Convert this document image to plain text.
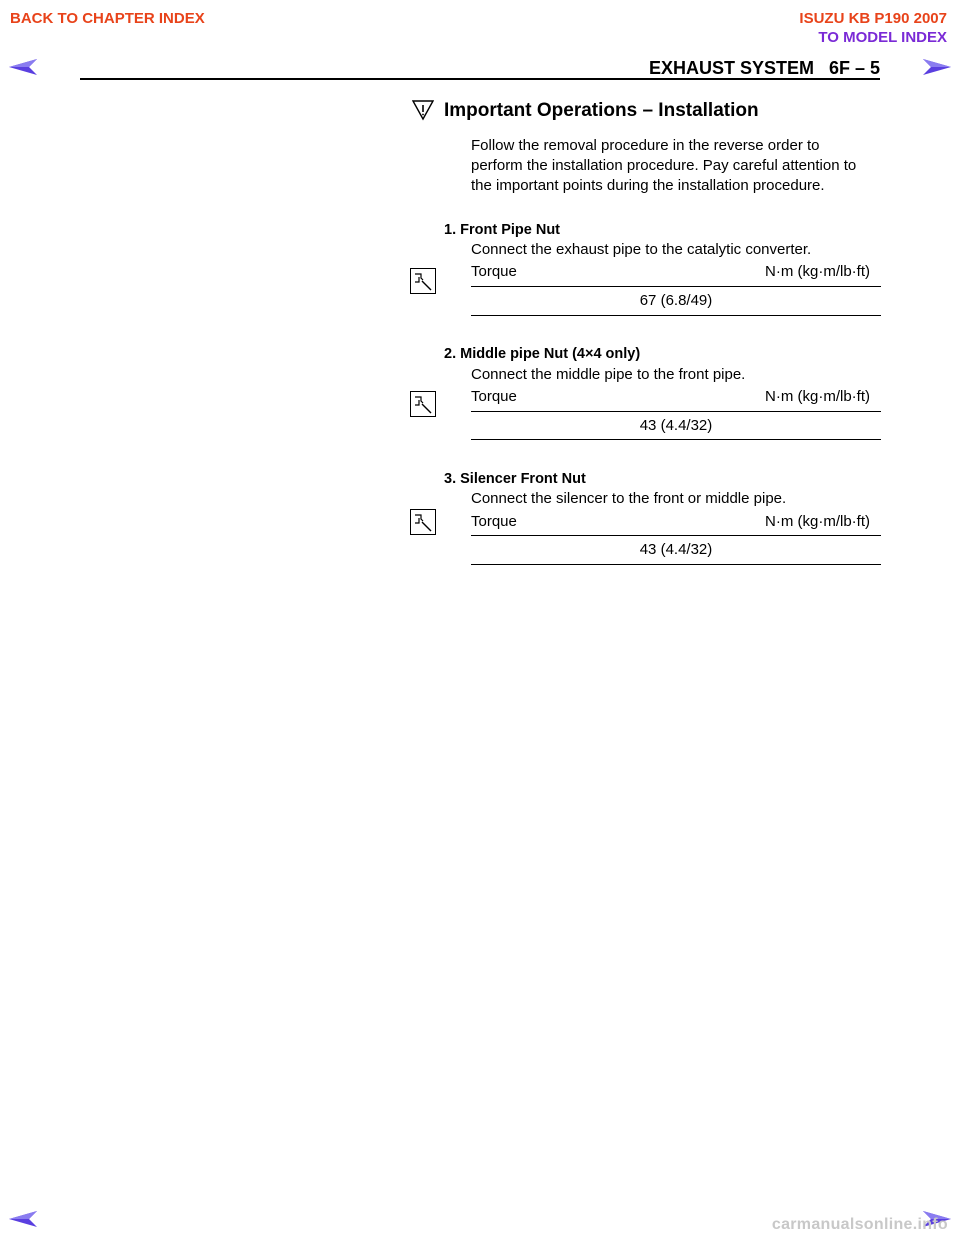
BACK TO CHAPTER INDEX	ISUZU KB P190 2007
TO MODEL INDEX
EXHAUST SYSTEM   6F – 5
Important Operations – Installation
Follow the removal procedure in the reverse order to
perform the installation procedure. Pay careful attention to
the important points during the installation procedure.
1. Front Pipe Nut
Connect the exhaust pipe to the catalytic converter.
Torque	N·m (kg·m/lb·ft)
67 (6.8/49)
2. Middle pipe Nut (4×4 only)
Connect the middle pipe to the front pipe.
Torque	N·m (kg·m/lb·ft)
43 (4.4/32)
3. Silencer Front Nut
Connect the silencer to the front or middle pipe.
Torque	N·m (kg·m/lb·ft)
43 (4.4/32)
carmanualsonline.info
